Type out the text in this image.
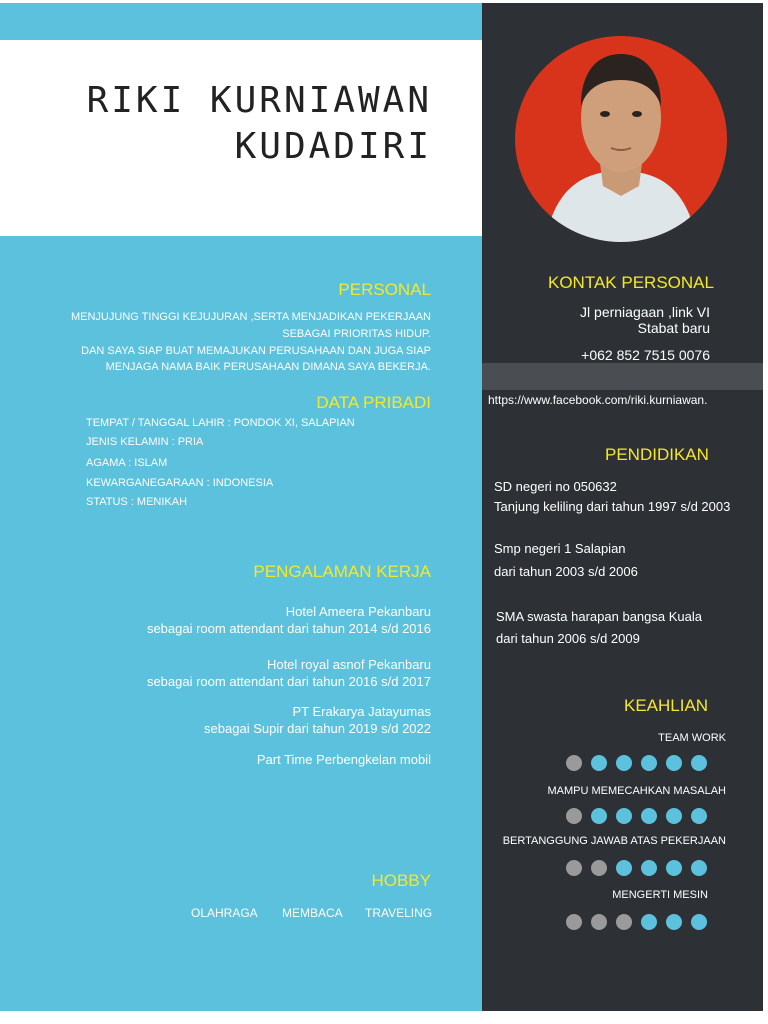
RIKI KURNIAWAN
KUDADIRI
PERSONAL
MENJUJUNG TINGGI KEJUJURAN ,SERTA MENJADIKAN PEKERJAAN
SEBAGAI PRIORITAS HIDUP.
DAN SAYA SIAP BUAT MEMAJUKAN PERUSAHAAN DAN JUGA SIAP
MENJAGA NAMA BAIK PERUSAHAAN DIMANA SAYA BEKERJA.
DATA PRIBADI
TEMPAT / TANGGAL LAHIR : PONDOK XI, SALAPIAN
JENIS KELAMIN : PRIA
AGAMA : ISLAM
KEWARGANEGARAAN : INDONESIA
STATUS : MENIKAH
PENGALAMAN KERJA
Hotel Ameera Pekanbaru
sebagai room attendant dari tahun 2014 s/d 2016
Hotel royal asnof Pekanbaru
sebagai room attendant dari tahun 2016 s/d 2017
PT Erakarya Jatayumas
sebagai Supir dari tahun 2019 s/d 2022
Part Time Perbengkelan mobil
HOBBY
OLAHRAGA MEMBACA TRAVELING
KONTAK PERSONAL
Jl perniagaan ,link VI
Stabat baru
+062 852 7515 0076
https://www.facebook.com/riki.kurniawan.
PENDIDIKAN
SD negeri no 050632
Tanjung keliling dari tahun 1997 s/d 2003
Smp negeri 1 Salapian
dari tahun 2003 s/d 2006
SMA swasta harapan bangsa Kuala
dari tahun 2006 s/d 2009
KEAHLIAN
TEAM WORK
MAMPU MEMECAHKAN MASALAH
BERTANGGUNG JAWAB ATAS PEKERJAAN
MENGERTI MESIN
